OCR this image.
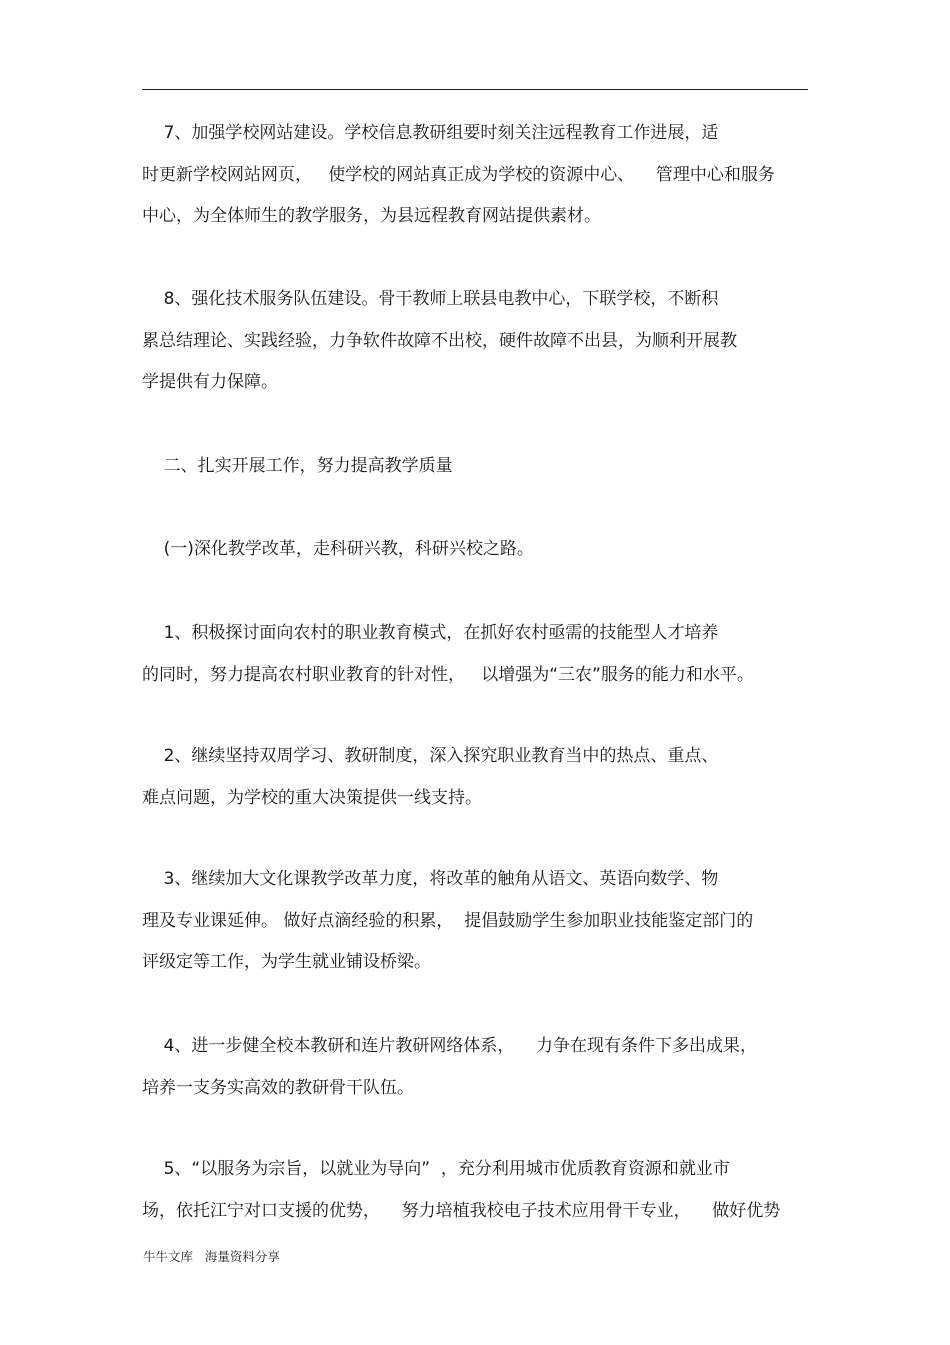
7、加强学校网站建设。学校信息教研组要时刻关注远程教育工作进展，适
时更新学校网站网页，   使学校的网站真正成为学校的资源中心、    管理中心和服务
中心，为全体师生的教学服务，为县远程教育网站提供素材。
8、强化技术服务队伍建设。骨干教师上联县电教中心，下联学校，不断积
累总结理论、实践经验，力争软件故障不出校，硬件故障不出县，为顺利开展教
学提供有力保障。
二、扎实开展工作，努力提高教学质量
(一)深化教学改革，走科研兴教，科研兴校之路。
1、积极探讨面向农村的职业教育模式，在抓好农村亟需的技能型人才培养
的同时，努力提高农村职业教育的针对性，   以增强为“三农”服务的能力和水平。
2、继续坚持双周学习、教研制度，深入探究职业教育当中的热点、重点、
难点问题，为学校的重大决策提供一线支持。
3、继续加大文化课教学改革力度，将改革的触角从语文、英语向数学、物
理及专业课延伸。 做好点滴经验的积累，  提倡鼓励学生参加职业技能鉴定部门的
评级定等工作，为学生就业铺设桥梁。
4、进一步健全校本教研和连片教研网络体系，    力争在现有条件下多出成果，
培养一支务实高效的教研骨干队伍。
5、“以服务为宗旨，以就业为导向”  ，充分利用城市优质教育资源和就业市
场，依托江宁对口支援的优势，    努力培植我校电子技术应用骨干专业，    做好优势
牛牛文库   海量资料分享
